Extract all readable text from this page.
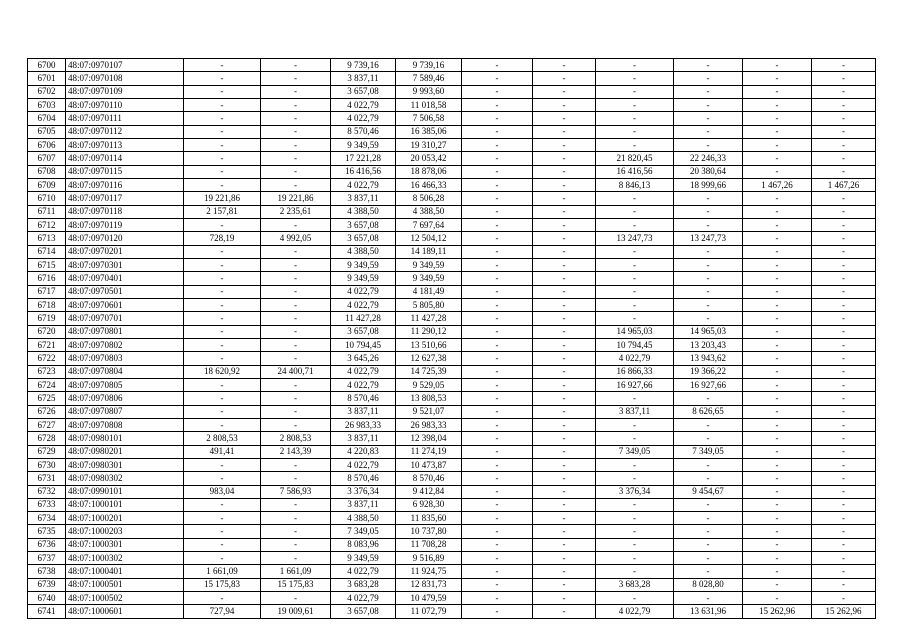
6700	48:07:0970107	-	-	9 739,16	9 739,16	-	-	-	-	-	-
6701	48:07:0970108	-	-	3 837,11	7 589,46	-	-	-	-	-	-
6702	48:07:0970109	-	-	3 657,08	9 993,60	-	-	-	-	-	-
6703	48:07:0970110	-	-	4 022,79	11 018,58	-	-	-	-	-	-
6704	48:07:0970111	-	-	4 022,79	7 506,58	-	-	-	-	-	-
6705	48:07:0970112	-	-	8 570,46	16 385,06	-	-	-	-	-	-
6706	48:07:0970113	-	-	9 349,59	19 310,27	-	-	-	-	-	-
6707	48:07:0970114	-	-	17 221,28	20 053,42	-	-	21 820,45	22 246,33	-	-
6708	48:07:0970115	-	-	16 416,56	18 878,06	-	-	16 416,56	20 380,64	-	-
6709	48:07:0970116	-	-	4 022,79	16 466,33	-	-	8 846,13	18 999,66	1 467,26	1 467,26
6710	48:07:0970117	19 221,86	19 221,86	3 837,11	8 506,28	-	-	-	-	-	-
6711	48:07:0970118	2 157,81	2 235,61	4 388,50	4 388,50	-	-	-	-	-	-
6712	48:07:0970119	-	-	3 657,08	7 697,64	-	-	-	-	-	-
6713	48:07:0970120	728,19	4 992,05	3 657,08	12 504,12	-	-	13 247,73	13 247,73	-	-
6714	48:07:0970201	-	-	4 388,50	14 189,11	-	-	-	-	-	-
6715	48:07:0970301	-	-	9 349,59	9 349,59	-	-	-	-	-	-
6716	48:07:0970401	-	-	9 349,59	9 349,59	-	-	-	-	-	-
6717	48:07:0970501	-	-	4 022,79	4 181,49	-	-	-	-	-	-
6718	48:07:0970601	-	-	4 022,79	5 805,80	-	-	-	-	-	-
6719	48:07:0970701	-	-	11 427,28	11 427,28	-	-	-	-	-	-
6720	48:07:0970801	-	-	3 657,08	11 290,12	-	-	14 965,03	14 965,03	-	-
6721	48:07:0970802	-	-	10 794,45	13 510,66	-	-	10 794,45	13 203,43	-	-
6722	48:07:0970803	-	-	3 645,26	12 627,38	-	-	4 022,79	13 943,62	-	-
6723	48:07:0970804	18 620,92	24 400,71	4 022,79	14 725,39	-	-	16 866,33	19 366,22	-	-
6724	48:07:0970805	-	-	4 022,79	9 529,05	-	-	16 927,66	16 927,66	-	-
6725	48:07:0970806	-	-	8 570,46	13 808,53	-	-	-	-	-	-
6726	48:07:0970807	-	-	3 837,11	9 521,07	-	-	3 837,11	8 626,65	-	-
6727	48:07:0970808	-	-	26 983,33	26 983,33	-	-	-	-	-	-
6728	48:07:0980101	2 808,53	2 808,53	3 837,11	12 398,04	-	-	-	-	-	-
6729	48:07:0980201	491,41	2 143,39	4 220,83	11 274,19	-	-	7 349,05	7 349,05	-	-
6730	48:07:0980301	-	-	4 022,79	10 473,87	-	-	-	-	-	-
6731	48:07:0980302	-	-	8 570,46	8 570,46	-	-	-	-	-	-
6732	48:07:0990101	983,04	7 586,93	3 376,34	9 412,84	-	-	3 376,34	9 454,67	-	-
6733	48:07:1000101	-	-	3 837,11	6 928,30	-	-	-	-	-	-
6734	48:07:1000201	-	-	4 388,50	11 835,60	-	-	-	-	-	-
6735	48:07:1000203	-	-	7 349,05	10 737,80	-	-	-	-	-	-
6736	48:07:1000301	-	-	8 083,96	11 708,28	-	-	-	-	-	-
6737	48:07:1000302	-	-	9 349,59	9 516,89	-	-	-	-	-	-
6738	48:07:1000401	1 661,09	1 661,09	4 022,79	11 924,75	-	-	-	-	-	-
6739	48:07:1000501	15 175,83	15 175,83	3 683,28	12 831,73	-	-	3 683,28	8 028,80	-	-
6740	48:07:1000502	-	-	4 022,79	10 479,59	-	-	-	-	-	-
6741	48:07:1000601	727,94	19 009,61	3 657,08	11 072,79	-	-	4 022,79	13 631,96	15 262,96	15 262,96
